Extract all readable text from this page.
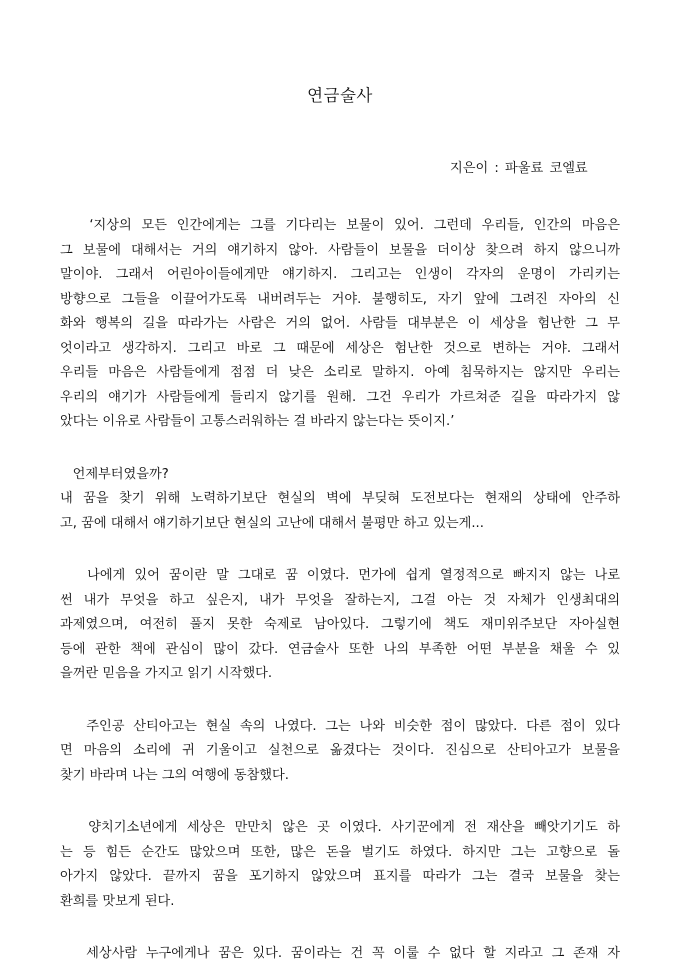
연금술사
지은이 : 파울료 코엘료

‘지상의 모든 인간에게는 그를 기다리는 보물이 있어. 그런데 우리들, 인간의 마음은
그 보물에 대해서는 거의 얘기하지 않아. 사람들이 보물을 더이상 찾으려 하지 않으니까
말이야. 그래서 어린아이들에게만 얘기하지. 그리고는 인생이 각자의 운명이 가리키는
방향으로 그들을 이끌어가도록 내버려두는 거야. 불행히도, 자기 앞에 그려진 자아의 신
화와 행복의 길을 따라가는 사람은 거의 없어. 사람들 대부분은 이 세상을 험난한 그 무
엇이라고 생각하지. 그리고 바로 그 때문에 세상은 험난한 것으로 변하는 거야. 그래서
우리들 마음은 사람들에게 점점 더 낮은 소리로 말하지. 아예 침묵하지는 않지만 우리는
우리의 얘기가 사람들에게 들리지 않기를 원해. 그건 우리가 가르쳐준 길을 따라가지 않
았다는 이유로 사람들이 고통스러워하는 걸 바라지 않는다는 뜻이지.’

언제부터였을까?
내 꿈을 찾기 위해 노력하기보단 현실의 벽에 부딪혀 도전보다는 현재의 상태에 안주하
고, 꿈에 대해서 얘기하기보단 현실의 고난에 대해서 불평만 하고 있는게...

나에게 있어 꿈이란 말 그대로 꿈 이였다. 먼가에 쉽게 열정적으로 빠지지 않는 나로
썬 내가 무엇을 하고 싶은지, 내가 무엇을 잘하는지, 그걸 아는 것 자체가 인생최대의
과제였으며, 여전히 풀지 못한 숙제로 남아있다. 그렇기에 책도 재미위주보단 자아실현
등에 관한 책에 관심이 많이 갔다. 연금술사 또한 나의 부족한 어떤 부분을 채울 수 있
을꺼란 믿음을 가지고 읽기 시작했다.

주인공 산티아고는 현실 속의 나였다. 그는 나와 비슷한 점이 많았다. 다른 점이 있다
면 마음의 소리에 귀 기울이고 실천으로 옮겼다는 것이다. 진심으로 산티아고가 보물을
찾기 바라며 나는 그의 여행에 동참했다.

양치기소년에게 세상은 만만치 않은 곳 이였다. 사기꾼에게 전 재산을 빼앗기기도 하
는 등 힘든 순간도 많았으며 또한, 많은 돈을 벌기도 하였다. 하지만 그는 고향으로 돌
아가지 않았다. 끝까지 꿈을 포기하지 않았으며 표지를 따라가 그는 결국 보물을 찾는
환희를 맛보게 된다.

세상사람 누구에게나 꿈은 있다. 꿈이라는 건 꼭 이룰 수 없다 할 지라고 그 존재 자
